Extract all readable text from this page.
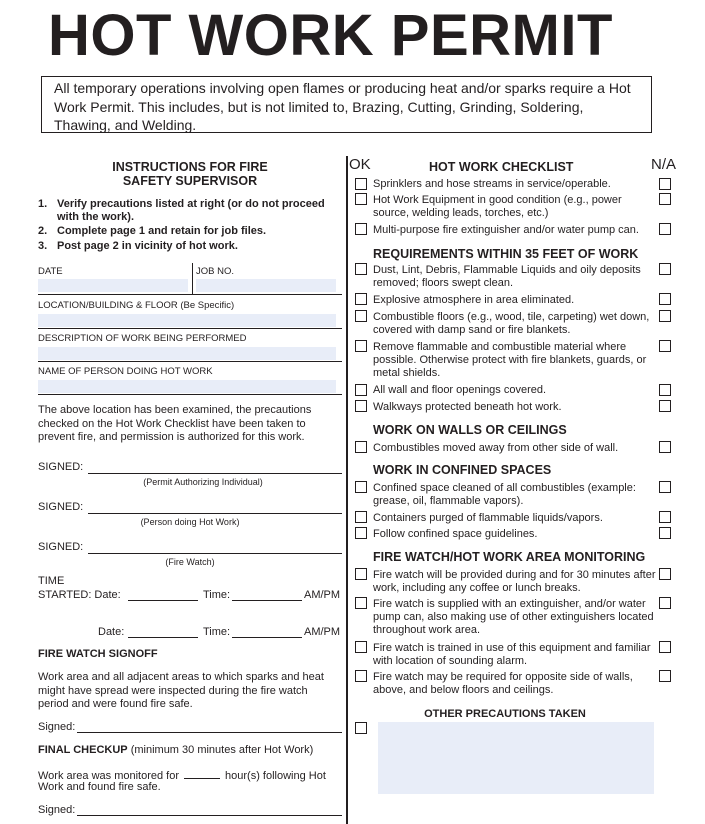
HOT WORK PERMIT
All temporary operations involving open flames or producing heat and/or sparks require a Hot Work Permit. This includes, but is not limited to, Brazing, Cutting, Grinding, Soldering, Thawing, and Welding.
INSTRUCTIONS FOR FIRE SAFETY SUPERVISOR
1. Verify precautions listed at right (or do not proceed with the work).
2. Complete page 1 and retain for job files.
3. Post page 2 in vicinity of hot work.
DATE	JOB NO.
LOCATION/BUILDING & FLOOR (Be Specific)
DESCRIPTION OF WORK BEING PERFORMED
NAME OF PERSON DOING HOT WORK
The above location has been examined, the precautions checked on the Hot Work Checklist have been taken to prevent fire, and permission is authorized for this work.
SIGNED:
(Permit Authorizing Individual)
SIGNED:
(Person doing Hot Work)
SIGNED:
(Fire Watch)
TIME
STARTED: Date:	Time:	AM/PM
Date:	Time:	AM/PM
FIRE WATCH SIGNOFF
Work area and all adjacent areas to which sparks and heat might have spread were inspected during the fire watch period and were found fire safe.
Signed:
FINAL CHECKUP (minimum 30 minutes after Hot Work)
Work area was monitored for	hour(s) following Hot
Work and found fire safe.
Signed:
OK	N/A
HOT WORK CHECKLIST
Sprinklers and hose streams in service/operable.
Hot Work Equipment in good condition (e.g., power source, welding leads, torches, etc.)
Multi-purpose fire extinguisher and/or water pump can.
REQUIREMENTS WITHIN 35 FEET OF WORK
Dust, Lint, Debris, Flammable Liquids and oily deposits removed; floors swept clean.
Explosive atmosphere in area eliminated.
Combustible floors (e.g., wood, tile, carpeting) wet down, covered with damp sand or fire blankets.
Remove flammable and combustible material where possible. Otherwise protect with fire blankets, guards, or metal shields.
All wall and floor openings covered.
Walkways protected beneath hot work.
WORK ON WALLS OR CEILINGS
Combustibles moved away from other side of wall.
WORK IN CONFINED SPACES
Confined space cleaned of all combustibles (example: grease, oil, flammable vapors).
Containers purged of flammable liquids/vapors.
Follow confined space guidelines.
FIRE WATCH/HOT WORK AREA MONITORING
Fire watch will be provided during and for 30 minutes after work, including any coffee or lunch breaks.
Fire watch is supplied with an extinguisher, and/or water pump can, also making use of other extinguishers located throughout work area.
Fire watch is trained in use of this equipment and familiar with location of sounding alarm.
Fire watch may be required for opposite side of walls, above, and below floors and ceilings.
OTHER PRECAUTIONS TAKEN
